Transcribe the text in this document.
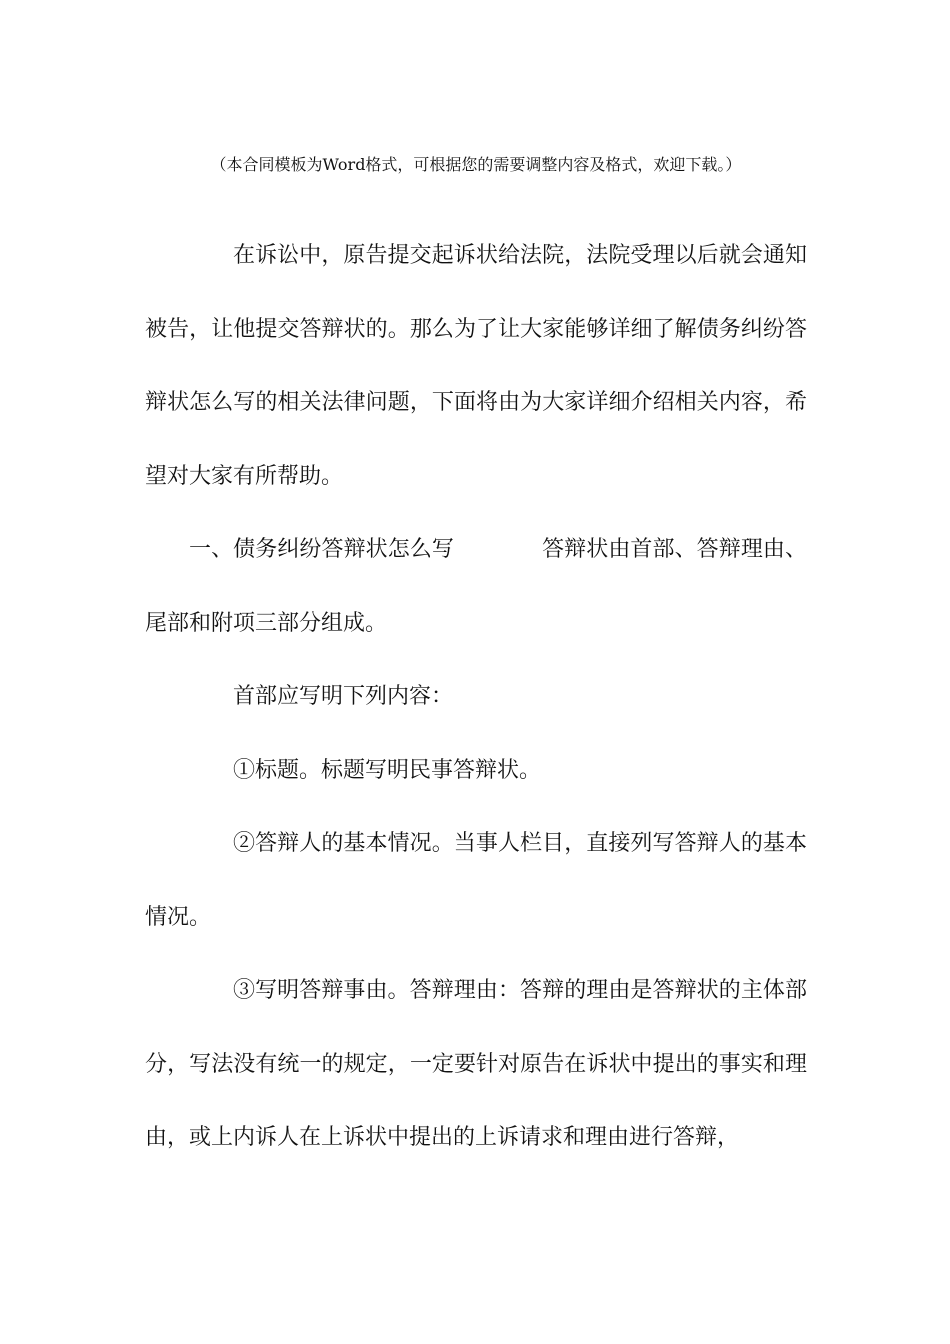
（本合同模板为Word格式，可根据您的需要调整内容及格式，欢迎下载。）

在诉讼中，原告提交起诉状给法院，法院受理以后就会通知被告，让他提交答辩状的。那么为了让大家能够详细了解债务纠纷答辩状怎么写的相关法律问题，下面将由为大家详细介绍相关内容，希望对大家有所帮助。

一、债务纠纷答辩状怎么写	答辩状由首部、答辩理由、尾部和附项三部分组成。

首部应写明下列内容：

①标题。标题写明民事答辩状。

②答辩人的基本情况。当事人栏目，直接列写答辩人的基本情况。

③写明答辩事由。答辩理由：答辩的理由是答辩状的主体部分，写法没有统一的规定，一定要针对原告在诉状中提出的事实和理由，或上内诉人在上诉状中提出的上诉请求和理由进行答辩，
